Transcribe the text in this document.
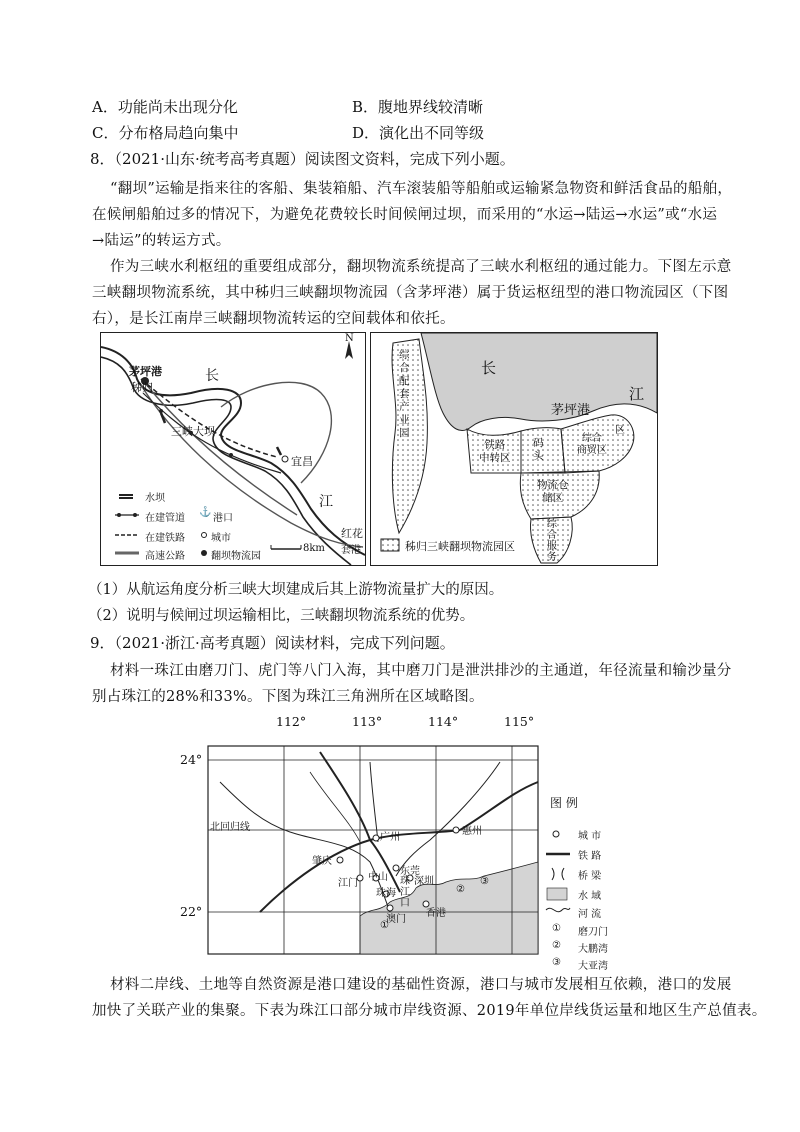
A．功能尚未出现分化	B．腹地界线较清晰
C．分布格局趋向集中	D．演化出不同等级
8．（2021·山东·统考高考真题）阅读图文资料，完成下列小题。
“翻坝”运输是指来往的客船、集装箱船、汽车滚装船等船舶或运输紧急物资和鲜活食品的船舶，
在候闸船舶过多的情况下，为避免花费较长时间候闸过坝，而采用的“水运→陆运→水运”或“水运
→陆运”的转运方式。
作为三峡水利枢纽的重要组成部分，翻坝物流系统提高了三峡水利枢纽的通过能力。下图左示意
三峡翻坝物流系统，其中秭归三峡翻坝物流园（含茅坪港）属于货运枢纽型的港口物流园区（下图
右），是长江南岸三峡翻坝物流转运的空间载体和依托。
茅坪港
秭归
长
三峡大坝
宜昌
江
红花
套港
N
8km
水坝
在建管道
⚓
港口
在建铁路	城市
高速公路	翻坝物流园
长
江
茅坪港
综
合
配
套
产
业
园
铁路
中转区
码
头
综合
商贸区
区
物流仓
储区
综
合
服
务
秭归三峡翻坝物流园区
（1）从航运角度分析三峡大坝建成后其上游物流量扩大的原因。
（2）说明与候闸过坝运输相比，三峡翻坝物流系统的优势。
9．（2021·浙江·高考真题）阅读材料，完成下列问题。
材料一珠江由磨刀门、虎门等八门入海，其中磨刀门是泄洪排沙的主通道，年径流量和输沙量分
别占珠江的28%和33%。下图为珠江三角洲所在区域略图。
112°	113°	114°	115°
24°
22°
北回归线
广州
惠州
肇庆
东莞
江门
中山	深圳
珠海
澳门
香港
珠
江
口
①
②
③
图 例
城 市
铁 路
桥 梁
水 域
河 流
① 磨刀门
② 大鹏湾
③ 大亚湾
材料二岸线、土地等自然资源是港口建设的基础性资源，港口与城市发展相互依赖，港口的发展
加快了关联产业的集聚。下表为珠江口部分城市岸线资源、2019年单位岸线货运量和地区生产总值表。
